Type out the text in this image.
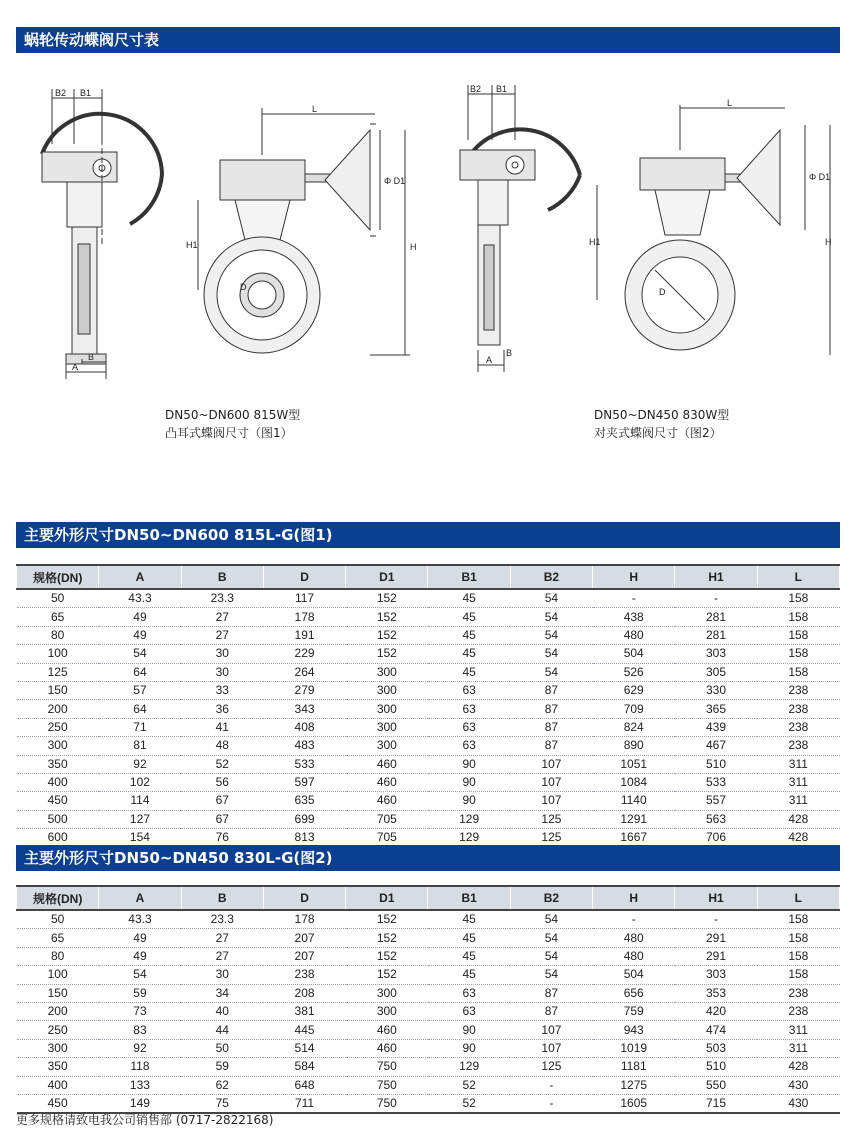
蜗轮传动蝶阀尺寸表
B2 B1
B
A
L
Φ D1
H
H1
D
B2 B1
B
A
L
Φ D1
H
H1
D
DN50~DN600 815W型
凸耳式蝶阀尺寸（图1）
DN50~DN450 830W型
对夹式蝶阀尺寸（图2）
主要外形尺寸DN50~DN600 815L-G(图1)
规格(DN)	A	B	D	D1	B1	B2	H	H1	L
50	43.3	23.3	117	152	45	54	-	-	158
65	49	27	178	152	45	54	438	281	158
80	49	27	191	152	45	54	480	281	158
100	54	30	229	152	45	54	504	303	158
125	64	30	264	300	45	54	526	305	158
150	57	33	279	300	63	87	629	330	238
200	64	36	343	300	63	87	709	365	238
250	71	41	408	300	63	87	824	439	238
300	81	48	483	300	63	87	890	467	238
350	92	52	533	460	90	107	1051	510	311
400	102	56	597	460	90	107	1084	533	311
450	114	67	635	460	90	107	1140	557	311
500	127	67	699	705	129	125	1291	563	428
600	154	76	813	705	129	125	1667	706	428
主要外形尺寸DN50~DN450 830L-G(图2)
规格(DN)	A	B	D	D1	B1	B2	H	H1	L
50	43.3	23.3	178	152	45	54	-	-	158
65	49	27	207	152	45	54	480	291	158
80	49	27	207	152	45	54	480	291	158
100	54	30	238	152	45	54	504	303	158
150	59	34	208	300	63	87	656	353	238
200	73	40	381	300	63	87	759	420	238
250	83	44	445	460	90	107	943	474	311
300	92	50	514	460	90	107	1019	503	311
350	118	59	584	750	129	125	1181	510	428
400	133	62	648	750	52	-	1275	550	430
450	149	75	711	750	52	-	1605	715	430
更多规格请致电我公司销售部 (0717-2822168)
